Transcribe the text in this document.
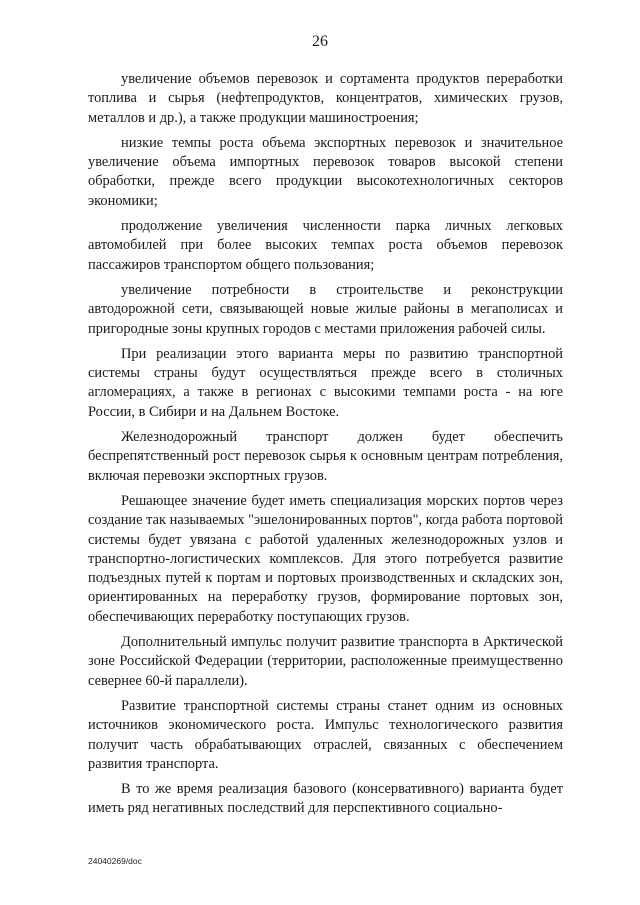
26

увеличение объемов перевозок и сортамента продуктов переработки топлива и сырья (нефтепродуктов, концентратов, химических грузов, металлов и др.), а также продукции машиностроения;

низкие темпы роста объема экспортных перевозок и значительное увеличение объема импортных перевозок товаров высокой степени обработки, прежде всего продукции высокотехнологичных секторов экономики;

продолжение увеличения численности парка личных легковых автомобилей при более высоких темпах роста объемов перевозок пассажиров транспортом общего пользования;

увеличение потребности в строительстве и реконструкции автодорожной сети, связывающей новые жилые районы в мегаполисах и пригородные зоны крупных городов с местами приложения рабочей силы.

При реализации этого варианта меры по развитию транспортной системы страны будут осуществляться прежде всего в столичных агломерациях, а также в регионах с высокими темпами роста - на юге России, в Сибири и на Дальнем Востоке.

Железнодорожный транспорт должен будет обеспечить беспрепятственный рост перевозок сырья к основным центрам потребления, включая перевозки экспортных грузов.

Решающее значение будет иметь специализация морских портов через создание так называемых "эшелонированных портов", когда работа портовой системы будет увязана с работой удаленных железнодорожных узлов и транспортно-логистических комплексов. Для этого потребуется развитие подъездных путей к портам и портовых производственных и складских зон, ориентированных на переработку грузов, формирование портовых зон, обеспечивающих переработку поступающих грузов.

Дополнительный импульс получит развитие транспорта в Арктической зоне Российской Федерации (территории, расположенные преимущественно севернее 60-й параллели).

Развитие транспортной системы страны станет одним из основных источников экономического роста. Импульс технологического развития получит часть обрабатывающих отраслей, связанных с обеспечением развития транспорта.

В то же время реализация базового (консервативного) варианта будет иметь ряд негативных последствий для перспективного социально-

24040269/doc
